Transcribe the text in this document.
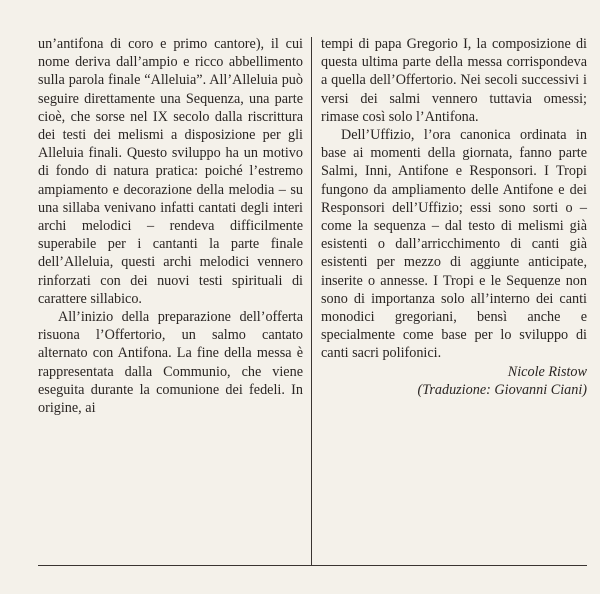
un’antifona di coro e primo cantore), il cui nome deriva dall’ampio e ricco abbellimento sulla parola finale “Alleluia”. All’Alleluia può seguire direttamente una Sequenza, una parte cioè, che sorse nel IX secolo dalla riscrittura dei testi dei melismi a disposizione per gli Alleluia finali. Questo sviluppo ha un motivo di fondo di natura pratica: poiché l’estremo ampiamento e decorazione della melodia – su una sillaba venivano infatti cantati degli interi archi melodici – rendeva difficilmente superabile per i cantanti la parte finale dell’Alleluia, questi archi melodici vennero rinforzati con dei nuovi testi spirituali di carattere sillabico.

All’inizio della preparazione dell’offerta risuona l’Offertorio, un salmo cantato alternato con Antifona. La fine della messa è rappresentata dalla Communio, che viene eseguita durante la comunione dei fedeli. In origine, ai

tempi di papa Gregorio I, la composizione di questa ultima parte della messa corrispondeva a quella dell’Offertorio. Nei secoli successivi i versi dei salmi vennero tuttavia omessi; rimase così solo l’Antifona.

Dell’Uffizio, l’ora canonica ordinata in base ai momenti della giornata, fanno parte Salmi, Inni, Antifone e Responsori. I Tropi fungono da ampliamento delle Antifone e dei Responsori dell’Uffizio; essi sono sorti o – come la sequenza – dal testo di melismi già esistenti o dall’arricchimento di canti già esistenti per mezzo di aggiunte anticipate, inserite o annesse. I Tropi e le Sequenze non sono di importanza solo all’interno dei canti monodici gregoriani, bensì anche e specialmente come base per lo sviluppo di canti sacri polifonici.

Nicole Ristow

(Traduzione: Giovanni Ciani)
